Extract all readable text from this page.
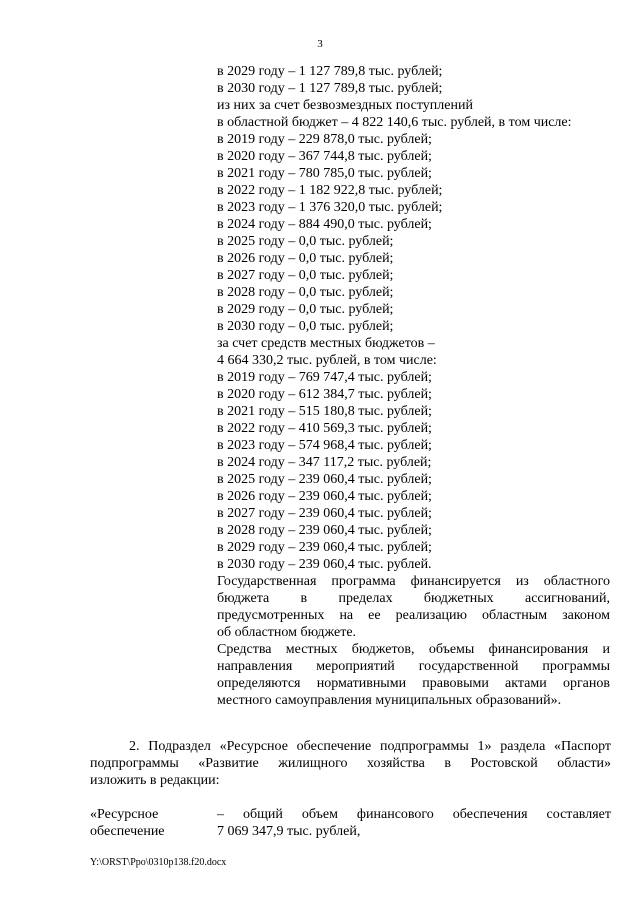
3
в 2029 году – 1 127 789,8 тыс. рублей;
в 2030 году – 1 127 789,8 тыс. рублей;
из них за счет безвозмездных поступлений
в областной бюджет – 4 822 140,6 тыс. рублей, в том числе:
в 2019 году – 229 878,0 тыс. рублей;
в 2020 году – 367 744,8 тыс. рублей;
в 2021 году – 780 785,0 тыс. рублей;
в 2022 году – 1 182 922,8 тыс. рублей;
в 2023 году – 1 376 320,0 тыс. рублей;
в 2024 году – 884 490,0 тыс. рублей;
в 2025 году – 0,0 тыс. рублей;
в 2026 году – 0,0 тыс. рублей;
в 2027 году – 0,0 тыс. рублей;
в 2028 году – 0,0 тыс. рублей;
в 2029 году – 0,0 тыс. рублей;
в 2030 году – 0,0 тыс. рублей;
за счет средств местных бюджетов –
4 664 330,2 тыс. рублей, в том числе:
в 2019 году – 769 747,4 тыс. рублей;
в 2020 году – 612 384,7 тыс. рублей;
в 2021 году – 515 180,8 тыс. рублей;
в 2022 году – 410 569,3 тыс. рублей;
в 2023 году – 574 968,4 тыс. рублей;
в 2024 году – 347 117,2 тыс. рублей;
в 2025 году – 239 060,4 тыс. рублей;
в 2026 году – 239 060,4 тыс. рублей;
в 2027 году – 239 060,4 тыс. рублей;
в 2028 году – 239 060,4 тыс. рублей;
в 2029 году – 239 060,4 тыс. рублей;
в 2030 году – 239 060,4 тыс. рублей.
Государственная программа финансируется из областного
бюджета в пределах бюджетных ассигнований,
предусмотренных на ее реализацию областным законом
об областном бюджете.
Средства местных бюджетов, объемы финансирования и
направления мероприятий государственной программы
определяются нормативными правовыми актами органов
местного самоуправления муниципальных образований».
2. Подраздел «Ресурсное обеспечение подпрограммы 1» раздела «Паспорт
подпрограммы «Развитие жилищного хозяйства в Ростовской области»
изложить в редакции:
«Ресурсное
обеспечение
– общий объем финансового обеспечения составляет
7 069 347,9 тыс. рублей,
Y:\ORST\Ppo\0310p138.f20.docx
